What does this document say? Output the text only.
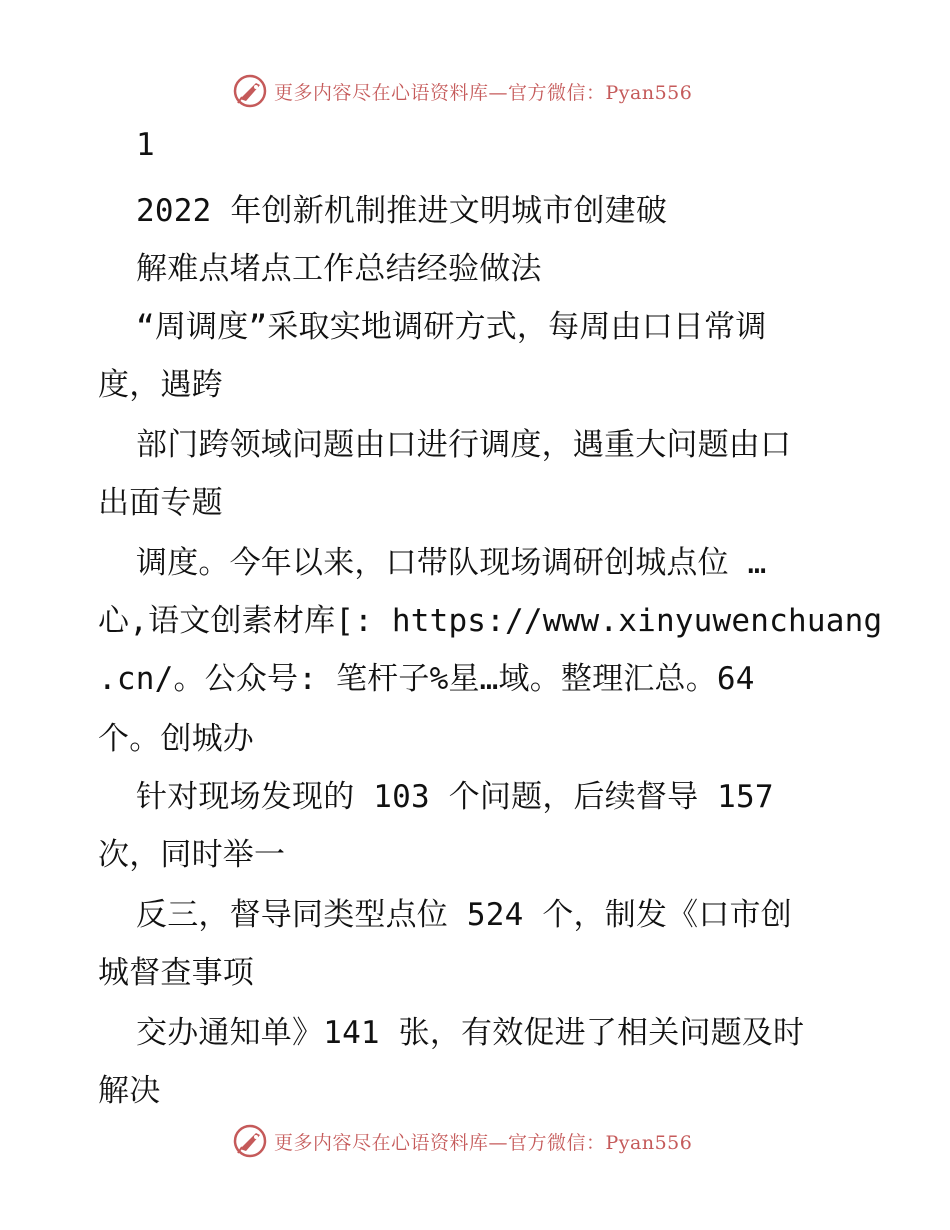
更多内容尽在心语资料库—官方微信：Pyan556
1
2022 年创新机制推进文明城市创建破
解难点堵点工作总结经验做法
“周调度”采取实地调研方式，每周由口日常调
度，遇跨
部门跨领域问题由口进行调度，遇重大问题由口
出面专题
调度。今年以来，口带队现场调研创城点位 …
心,语文创素材库[: https://www.xinyuwenchuang
.cn/。公众号: 笔杆子%星…域。整理汇总。64
个。创城办
针对现场发现的 103 个问题，后续督导 157
次，同时举一
反三，督导同类型点位 524 个，制发《口市创
城督查事项
交办通知单》141 张，有效促进了相关问题及时
解决
更多内容尽在心语资料库—官方微信：Pyan556
